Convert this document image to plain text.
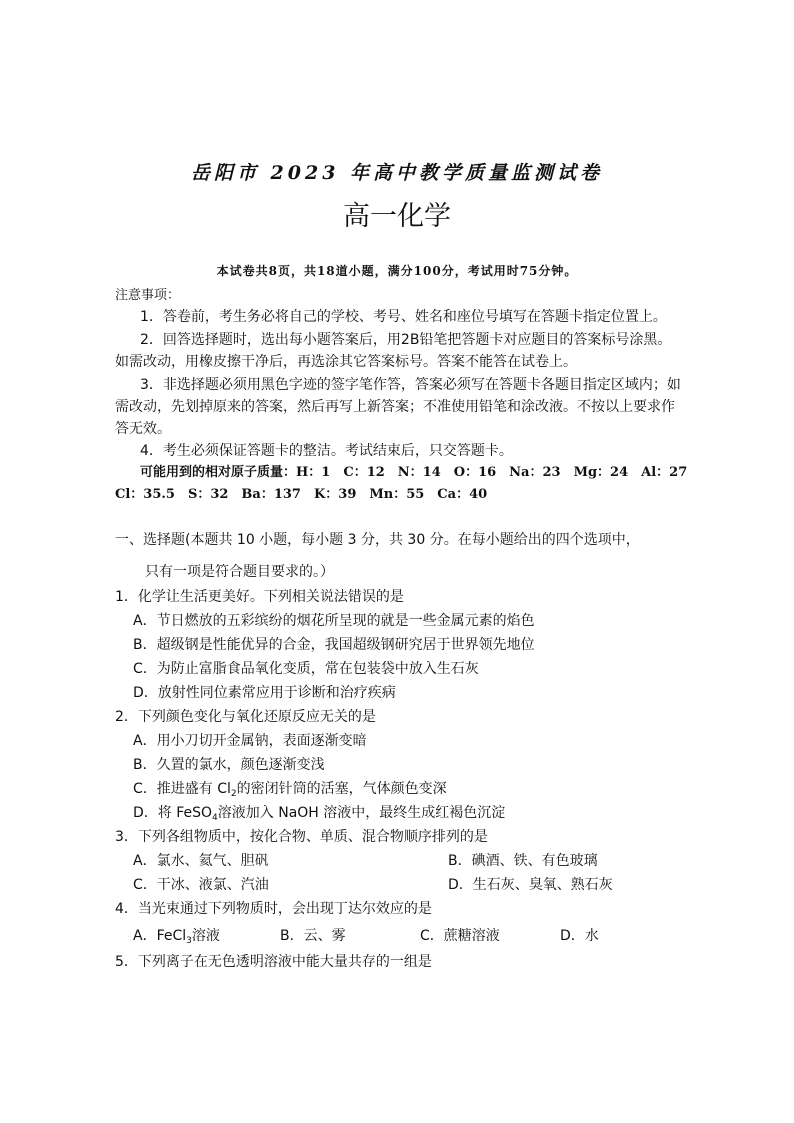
岳阳市 2023 年高中教学质量监测试卷
高一化学
本试卷共8页，共18道小题，满分100分，考试用时75分钟。
注意事项：
1．答卷前，考生务必将自己的学校、考号、姓名和座位号填写在答题卡指定位置上。
2．回答选择题时，选出每小题答案后，用2B铅笔把答题卡对应题目的答案标号涂黑。
如需改动，用橡皮擦干净后，再选涂其它答案标号。答案不能答在试卷上。
3．非选择题必须用黑色字迹的签字笔作答，答案必须写在答题卡各题目指定区域内；如
需改动，先划掉原来的答案，然后再写上新答案；不准使用铅笔和涂改液。不按以上要求作
答无效。
4．考生必须保证答题卡的整洁。考试结束后，只交答题卡。
可能用到的相对原子质量：H：1　C：12　N：14　O：16　Na：23　Mg：24　Al：27
Cl：35.5　S：32　Ba：137　K：39　Mn：55　Ca：40
一、选择题(本题共 10 小题，每小题 3 分，共 30 分。在每小题给出的四个选项中，
只有一项是符合题目要求的。）
1．化学让生活更美好。下列相关说法错误的是
A．节日燃放的五彩缤纷的烟花所呈现的就是一些金属元素的焰色
B．超级钢是性能优异的合金，我国超级钢研究居于世界领先地位
C．为防止富脂食品氧化变质，常在包装袋中放入生石灰
D．放射性同位素常应用于诊断和治疗疾病
2．下列颜色变化与氧化还原反应无关的是
A．用小刀切开金属钠，表面逐渐变暗
B．久置的氯水，颜色逐渐变浅
C．推进盛有 $Cl_2$的密闭针筒的活塞，气体颜色变深
D．将 FeSO$_4$溶液加入 NaOH 溶液中，最终生成红褐色沉淀
3．下列各组物质中，按化合物、单质、混合物顺序排列的是
A．氯水、氦气、胆矾	B．碘酒、铁、有色玻璃
C．干冰、液氯、汽油	D．生石灰、臭氧、熟石灰
4．当光束通过下列物质时，会出现丁达尔效应的是
A．FeCl$_3$溶液	B．云、雾	C．蔗糖溶液	D．水
5．下列离子在无色透明溶液中能大量共存的一组是
